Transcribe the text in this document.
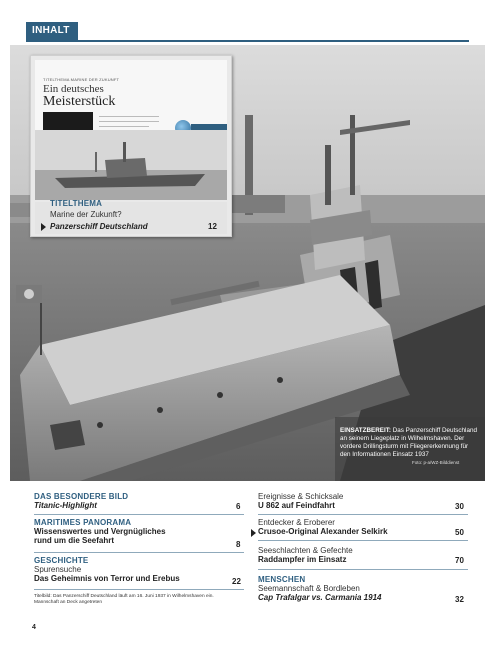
INHALT
TITELTHEMA MARINE DER ZUKUNFT
Ein deutsches
Meisterstück
TITELTHEMA
Marine der Zukunft?
Panzerschiff Deutschland	12
EINSATZBEREIT: Das Panzerschiff Deutschland an seinem Liegeplatz in Wilhelmshaven. Der vordere Drillingsturm mit Fliegererkennung für den Informationen Einsatz 1937
Foto: p-a/WZ-Bilddienst
DAS BESONDERE BILD
Titanic-Highlight	6
MARITIMES PANORAMA
Wissenswertes und Vergnügliches
rund um die Seefahrt	8
GESCHICHTE
Spurensuche
Das Geheimnis von Terror und Erebus	22
Titelbild: Das Panzerschiff Deutschland läuft am 16. Juni 1937 in Wilhelmshaven ein. Mannschaft an Deck angetreten
Ereignisse & Schicksale
U 862 auf Feindfahrt	30
Entdecker & Eroberer
Crusoe-Original Alexander Selkirk	50
Seeschlachten & Gefechte
Raddampfer im Einsatz	70
MENSCHEN
Seemannschaft & Bordleben
Cap Trafalgar vs. Carmania 1914	32
4
